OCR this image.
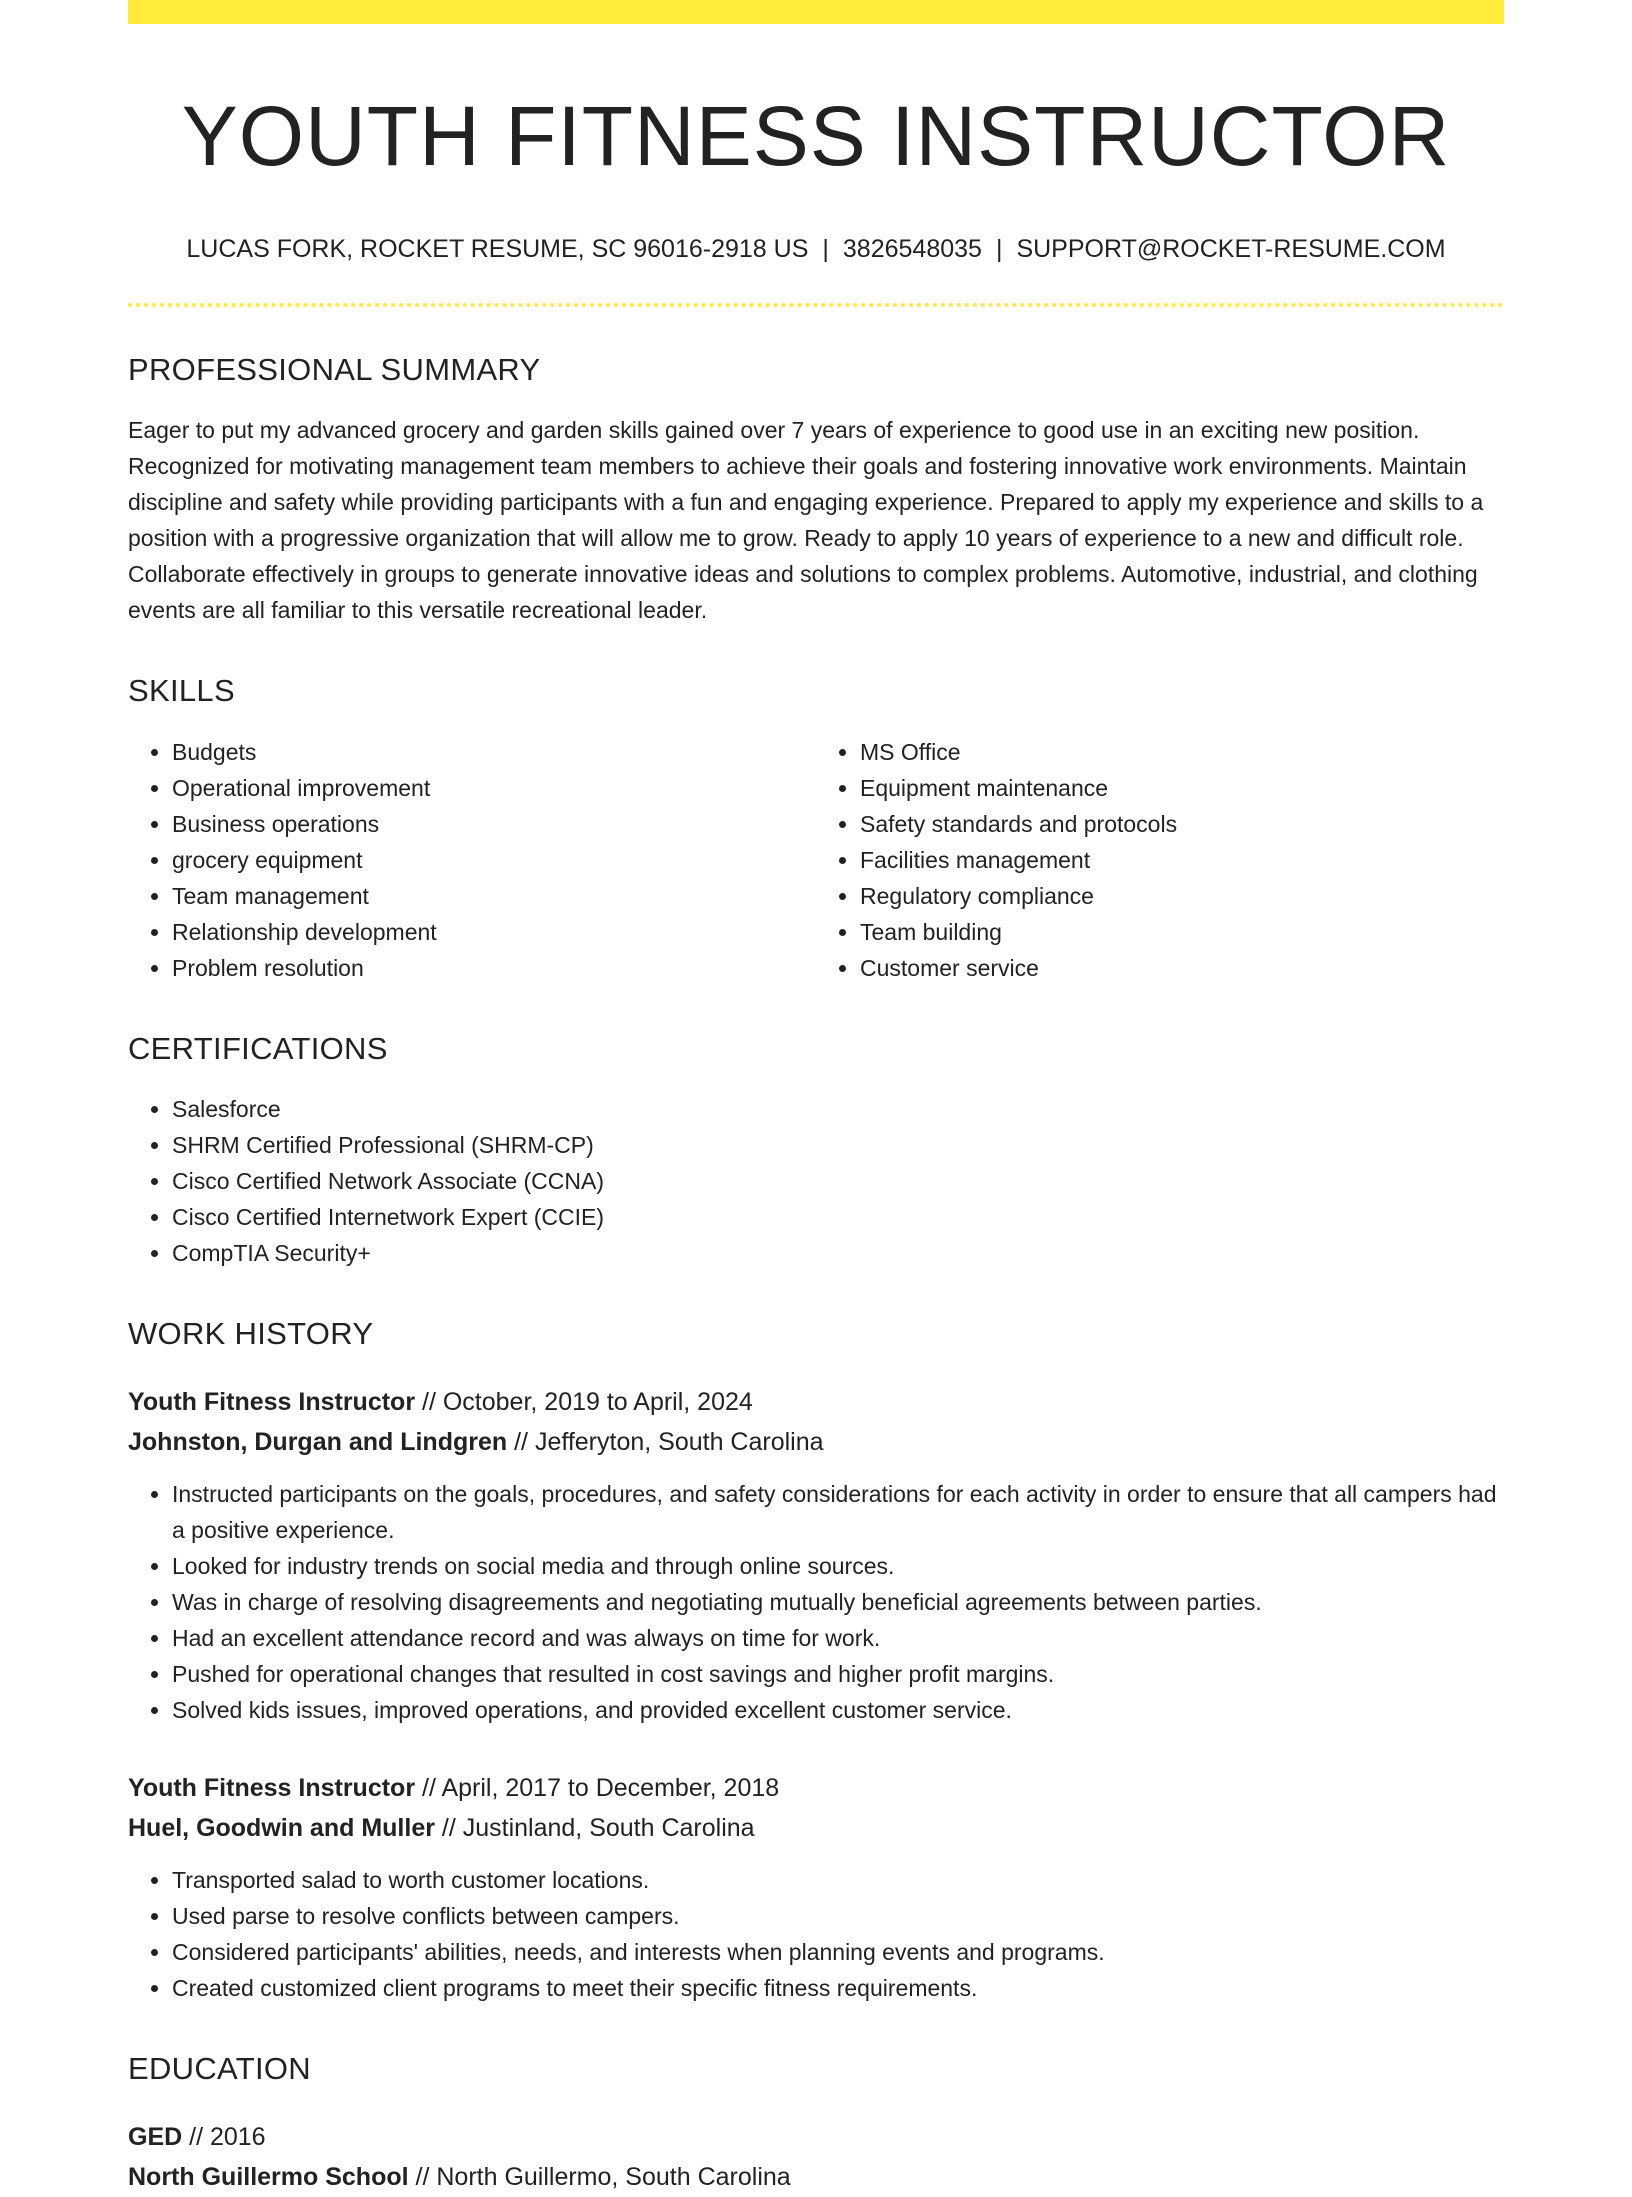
YOUTH FITNESS INSTRUCTOR
LUCAS FORK, ROCKET RESUME, SC 96016-2918 US | 3826548035 | SUPPORT@ROCKET-RESUME.COM
PROFESSIONAL SUMMARY

Eager to put my advanced grocery and garden skills gained over 7 years of experience to good use in an exciting new position. Recognized for motivating management team members to achieve their goals and fostering innovative work environments. Maintain discipline and safety while providing participants with a fun and engaging experience. Prepared to apply my experience and skills to a position with a progressive organization that will allow me to grow. Ready to apply 10 years of experience to a new and difficult role. Collaborate effectively in groups to generate innovative ideas and solutions to complex problems. Automotive, industrial, and clothing events are all familiar to this versatile recreational leader.

SKILLS
• Budgets
• Operational improvement
• Business operations
• grocery equipment
• Team management
• Relationship development
• Problem resolution
• MS Office
• Equipment maintenance
• Safety standards and protocols
• Facilities management
• Regulatory compliance
• Team building
• Customer service
CERTIFICATIONS
• Salesforce
• SHRM Certified Professional (SHRM-CP)
• Cisco Certified Network Associate (CCNA)
• Cisco Certified Internetwork Expert (CCIE)
• CompTIA Security+
WORK HISTORY
Youth Fitness Instructor // October, 2019 to April, 2024
Johnston, Durgan and Lindgren // Jefferyton, South Carolina
• Instructed participants on the goals, procedures, and safety considerations for each activity in order to ensure that all campers had a positive experience.
• Looked for industry trends on social media and through online sources.
• Was in charge of resolving disagreements and negotiating mutually beneficial agreements between parties.
• Had an excellent attendance record and was always on time for work.
• Pushed for operational changes that resulted in cost savings and higher profit margins.
• Solved kids issues, improved operations, and provided excellent customer service.
Youth Fitness Instructor // April, 2017 to December, 2018
Huel, Goodwin and Muller // Justinland, South Carolina
• Transported salad to worth customer locations.
• Used parse to resolve conflicts between campers.
• Considered participants' abilities, needs, and interests when planning events and programs.
• Created customized client programs to meet their specific fitness requirements.
EDUCATION
GED // 2016
North Guillermo School // North Guillermo, South Carolina
